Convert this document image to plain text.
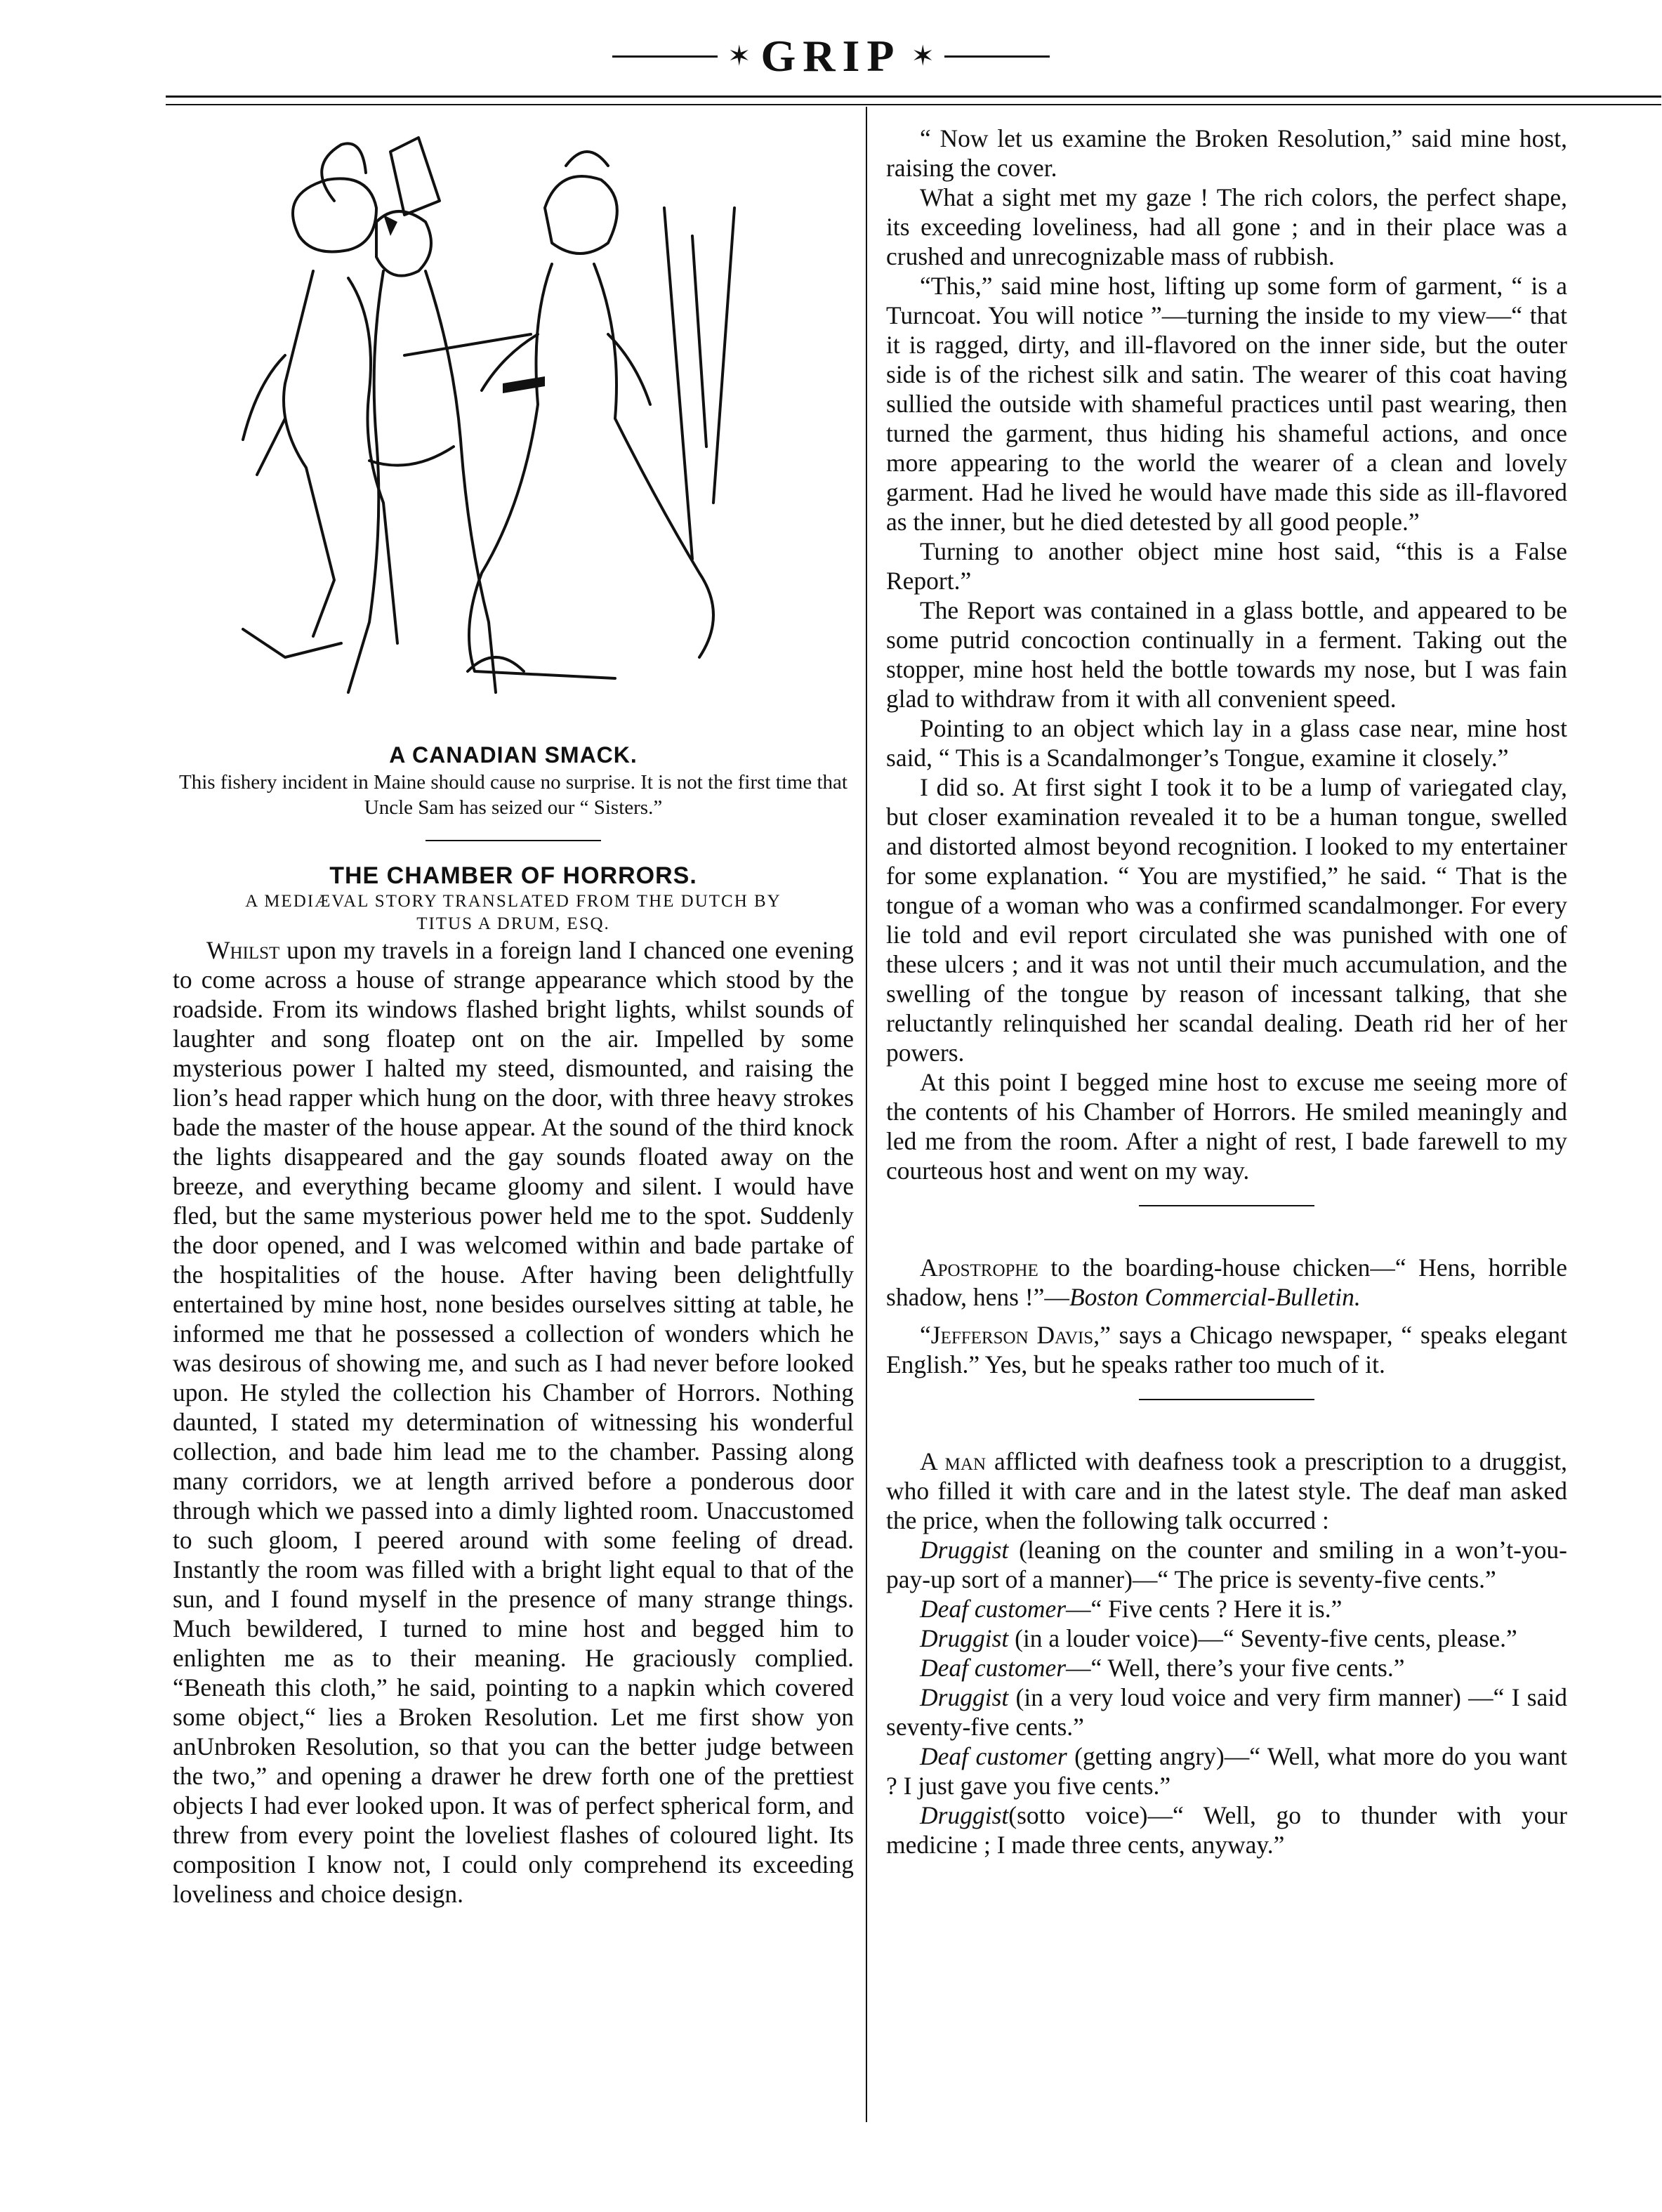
✶ GRIP ✶

A CANADIAN SMACK.

This fishery incident in Maine should cause no surprise. It is not the first time that Uncle Sam has seized our “ Sisters.”

THE CHAMBER OF HORRORS.

A MEDIÆVAL STORY TRANSLATED FROM THE DUTCH BY
TITUS A DRUM, ESQ.

Whilst upon my travels in a foreign land I chanced one evening to come across a house of strange appearance which stood by the roadside. From its windows flashed bright lights, whilst sounds of laughter and song floatep ont on the air. Impelled by some mysterious power I halted my steed, dismounted, and raising the lion’s head rapper which hung on the door, with three heavy strokes bade the master of the house appear. At the sound of the third knock the lights disappeared and the gay sounds floated away on the breeze, and everything became gloomy and silent. I would have fled, but the same mysterious power held me to the spot. Suddenly the door opened, and I was welcomed within and bade partake of the hospitalities of the house. After having been delightfully entertained by mine host, none besides ourselves sitting at table, he informed me that he possessed a collection of wonders which he was desirous of showing me, and such as I had never before looked upon. He styled the collection his Chamber of Horrors. Nothing daunted, I stated my determination of witnessing his wonderful collection, and bade him lead me to the chamber. Passing along many corridors, we at length arrived before a ponderous door through which we passed into a dimly lighted room. Unaccustomed to such gloom, I peered around with some feeling of dread. Instantly the room was filled with a bright light equal to that of the sun, and I found myself in the presence of many strange things. Much bewildered, I turned to mine host and begged him to enlighten me as to their meaning. He graciously complied. “Beneath this cloth,” he said, pointing to a napkin which covered some object,“ lies a Broken Resolution. Let me first show yon anUnbroken Resolution, so that you can the better judge between the two,” and opening a drawer he drew forth one of the prettiest objects I had ever looked upon. It was of perfect spherical form, and threw from every point the loveliest flashes of coloured light. Its composition I know not, I could only comprehend its exceeding loveliness and choice design.

“ Now let us examine the Broken Resolution,” said mine host, raising the cover.

What a sight met my gaze ! The rich colors, the perfect shape, its exceeding loveliness, had all gone ; and in their place was a crushed and unrecognizable mass of rubbish.

“This,” said mine host, lifting up some form of garment, “ is a Turncoat. You will notice ”—turning the inside to my view—“ that it is ragged, dirty, and ill-flavored on the inner side, but the outer side is of the richest silk and satin. The wearer of this coat having sullied the outside with shameful practices until past wearing, then turned the garment, thus hiding his shameful actions, and once more appearing to the world the wearer of a clean and lovely garment. Had he lived he would have made this side as ill-flavored as the inner, but he died detested by all good people.”

Turning to another object mine host said, “this is a False Report.”

The Report was contained in a glass bottle, and appeared to be some putrid concoction continually in a ferment. Taking out the stopper, mine host held the bottle towards my nose, but I was fain glad to withdraw from it with all convenient speed.

Pointing to an object which lay in a glass case near, mine host said, “ This is a Scandalmonger’s Tongue, examine it closely.”

I did so. At first sight I took it to be a lump of variegated clay, but closer examination revealed it to be a human tongue, swelled and distorted almost beyond recognition. I looked to my entertainer for some explanation. “ You are mystified,” he said. “ That is the tongue of a woman who was a confirmed scandalmonger. For every lie told and evil report circulated she was punished with one of these ulcers ; and it was not until their much accumulation, and the swelling of the tongue by reason of incessant talking, that she reluctantly relinquished her scandal dealing. Death rid her of her powers.

At this point I begged mine host to excuse me seeing more of the contents of his Chamber of Horrors. He smiled meaningly and led me from the room. After a night of rest, I bade farewell to my courteous host and went on my way.

Apostrophe to the boarding-house chicken—“ Hens, horrible shadow, hens !”—Boston Commercial-Bulletin.

“Jefferson Davis,” says a Chicago newspaper, “ speaks elegant English.” Yes, but he speaks rather too much of it.

A man afflicted with deafness took a prescription to a druggist, who filled it with care and in the latest style. The deaf man asked the price, when the following talk occurred :

Druggist (leaning on the counter and smiling in a won’t-you-pay-up sort of a manner)—“ The price is seventy-five cents.”

Deaf customer—“ Five cents ? Here it is.”

Druggist (in a louder voice)—“ Seventy-five cents, please.”

Deaf customer—“ Well, there’s your five cents.”

Druggist (in a very loud voice and very firm manner) —“ I said seventy-five cents.”

Deaf customer (getting angry)—“ Well, what more do you want ? I just gave you five cents.”

Druggist(sotto voice)—“ Well, go to thunder with your medicine ; I made three cents, anyway.”
